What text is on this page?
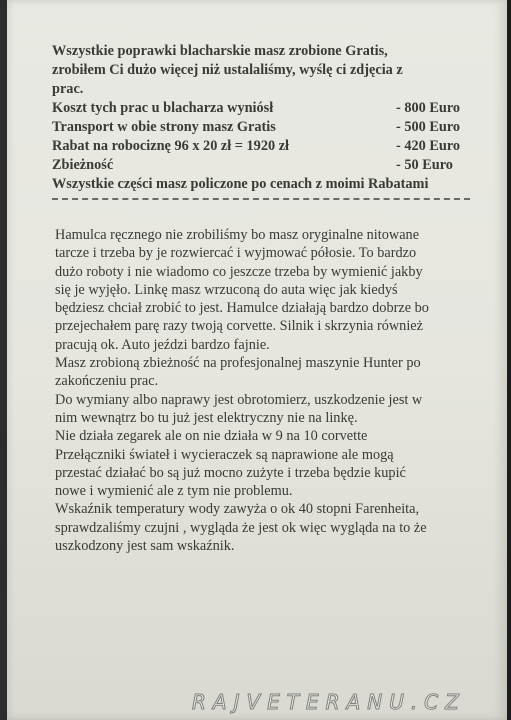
Wszystkie poprawki blacharskie masz zrobione Gratis,

zrobiłem Ci dużo więcej niż ustalaliśmy, wyślę ci zdjęcia z

prac.

Koszt tych prac u blacharza wyniósł	- 800 Euro
Transport w obie strony masz Gratis	- 500 Euro
Rabat na robociznę 96 x 20 zł = 1920 zł	- 420 Euro
Zbieżność	- 50 Euro

Wszystkie części masz policzone po cenach z moimi Rabatami

Hamulca ręcznego nie zrobiliśmy bo masz oryginalne nitowane

tarcze i trzeba by je rozwiercać i wyjmować półosie. To bardzo

dużo roboty i nie wiadomo co jeszcze trzeba by wymienić jakby

się je wyjęło. Linkę masz wrzuconą do auta więc jak kiedyś

będziesz chciał zrobić to jest. Hamulce działają bardzo dobrze bo

przejechałem parę razy twoją corvette. Silnik i skrzynia również

pracują ok. Auto jeździ bardzo fajnie.

Masz zrobioną zbieżność na profesjonalnej maszynie Hunter po

zakończeniu prac.

Do wymiany albo naprawy jest obrotomierz, uszkodzenie jest w

nim wewnątrz bo tu już jest elektryczny nie na linkę.

Nie działa zegarek ale on nie działa w 9 na 10 corvette

Przełączniki świateł i wycieraczek są naprawione ale mogą

przestać działać bo są już mocno zużyte i trzeba będzie kupić

nowe i wymienić ale z tym nie problemu.

Wskaźnik temperatury wody zawyża o ok 40 stopni Farenheita,

sprawdzaliśmy czujni , wygląda że jest ok więc wygląda na to że

uszkodzony jest sam wskaźnik.

RAJVETERANU.CZ
